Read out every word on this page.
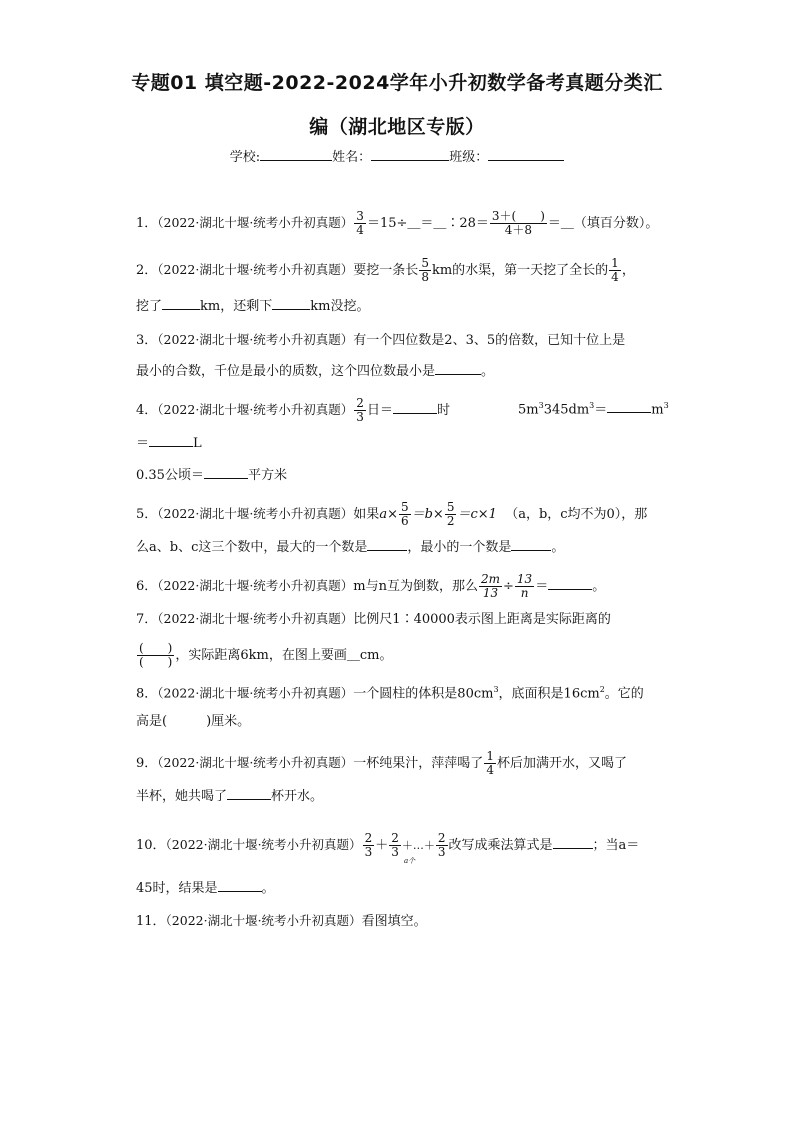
专题01 填空题-2022-2024学年小升初数学备考真题分类汇
编（湖北地区专版）
学校:	姓名：	班级：
1．（2022·湖北十堰·统考小升初真题） $\frac{3}{4}$ ＝15÷＿＝＿∶28＝ $\frac{3+( )}{4+8}$ ＝＿（填百分数）。
2．（2022·湖北十堰·统考小升初真题）要挖一条长 $\frac{5}{8}$ km的水渠，第一天挖了全长的 $\frac{1}{4}$ ，
挖了	km，还剩下	km没挖。
3．（2022·湖北十堰·统考小升初真题）有一个四位数是2、3、5的倍数，已知十位上是
最小的合数，千位是最小的质数，这个四位数最小是	。
4．（2022·湖北十堰·统考小升初真题） $\frac{2}{3}$ 日＝	时	$5m^3345dm^3=$	$m^3$
＝	L
0.35公顷＝	平方米
5．（2022·湖北十堰·统考小升初真题）如果$a\times \frac{5}{6} =b\times \frac{5}{2} =c\times 1$ （a，b，c均不为0），那
么a、b、c这三个数中，最大的一个数是	，最小的一个数是	。
6．（2022·湖北十堰·统考小升初真题）m与n互为倒数，那么 $\frac{2m}{13} \div \frac{13}{n}$ ＝	。
7．（2022·湖北十堰·统考小升初真题）比例尺1∶40000表示图上距离是实际距离的
$\frac{( )}{( )}$ ，实际距离6km，在图上要画＿cm。
8．（2022·湖北十堰·统考小升初真题）一个圆柱的体积是$80cm^3$，底面积是$16cm^2$。它的
高是(　　　)厘米。
9．（2022·湖北十堰·统考小升初真题）一杯纯果汁，萍萍喝了 $\frac{1}{4}$ 杯后加满开水，又喝了
半杯，她共喝了	杯开水。
10．（2022·湖北十堰·统考小升初真题） $\frac{2}{3} + \frac{2}{3}$ ＋…＋ $\frac{2}{3}$ 改写成乘法算式是	；当a＝
a个
45时，结果是	。
11．（2022·湖北十堰·统考小升初真题）看图填空。
